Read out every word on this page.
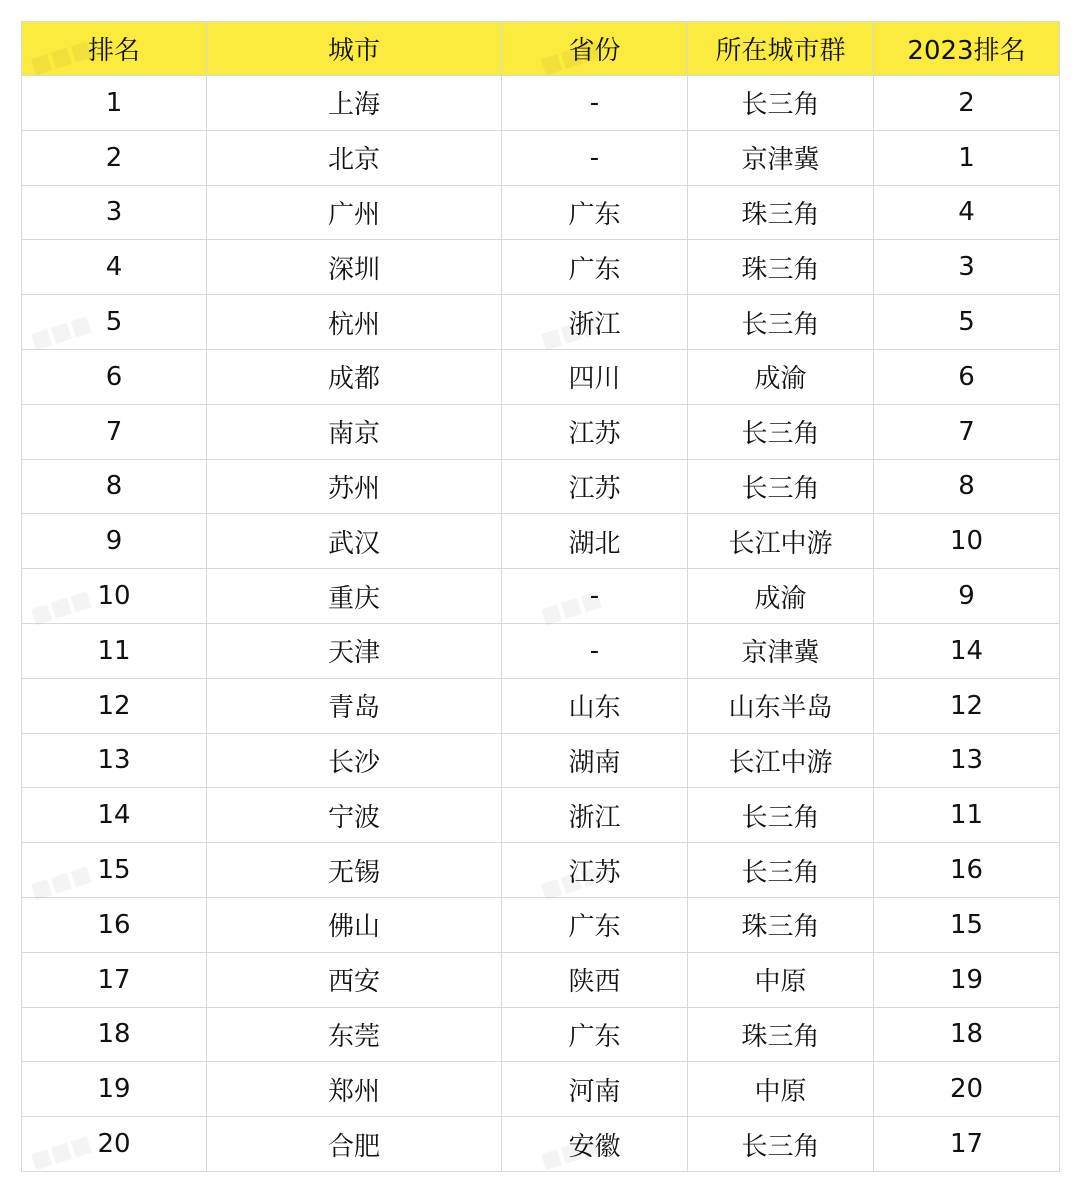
排名	城市	省份	所在城市群	2023排名
1	上海	-	长三角	2
2	北京	-	京津冀	1
3	广州	广东	珠三角	4
4	深圳	广东	珠三角	3
5	杭州	浙江	长三角	5
6	成都	四川	成渝	6
7	南京	江苏	长三角	7
8	苏州	江苏	长三角	8
9	武汉	湖北	长江中游	10
10	重庆	-	成渝	9
11	天津	-	京津冀	14
12	青岛	山东	山东半岛	12
13	长沙	湖南	长江中游	13
14	宁波	浙江	长三角	11
15	无锡	江苏	长三角	16
16	佛山	广东	珠三角	15
17	西安	陕西	中原	19
18	东莞	广东	珠三角	18
19	郑州	河南	中原	20
20	合肥	安徽	长三角	17
